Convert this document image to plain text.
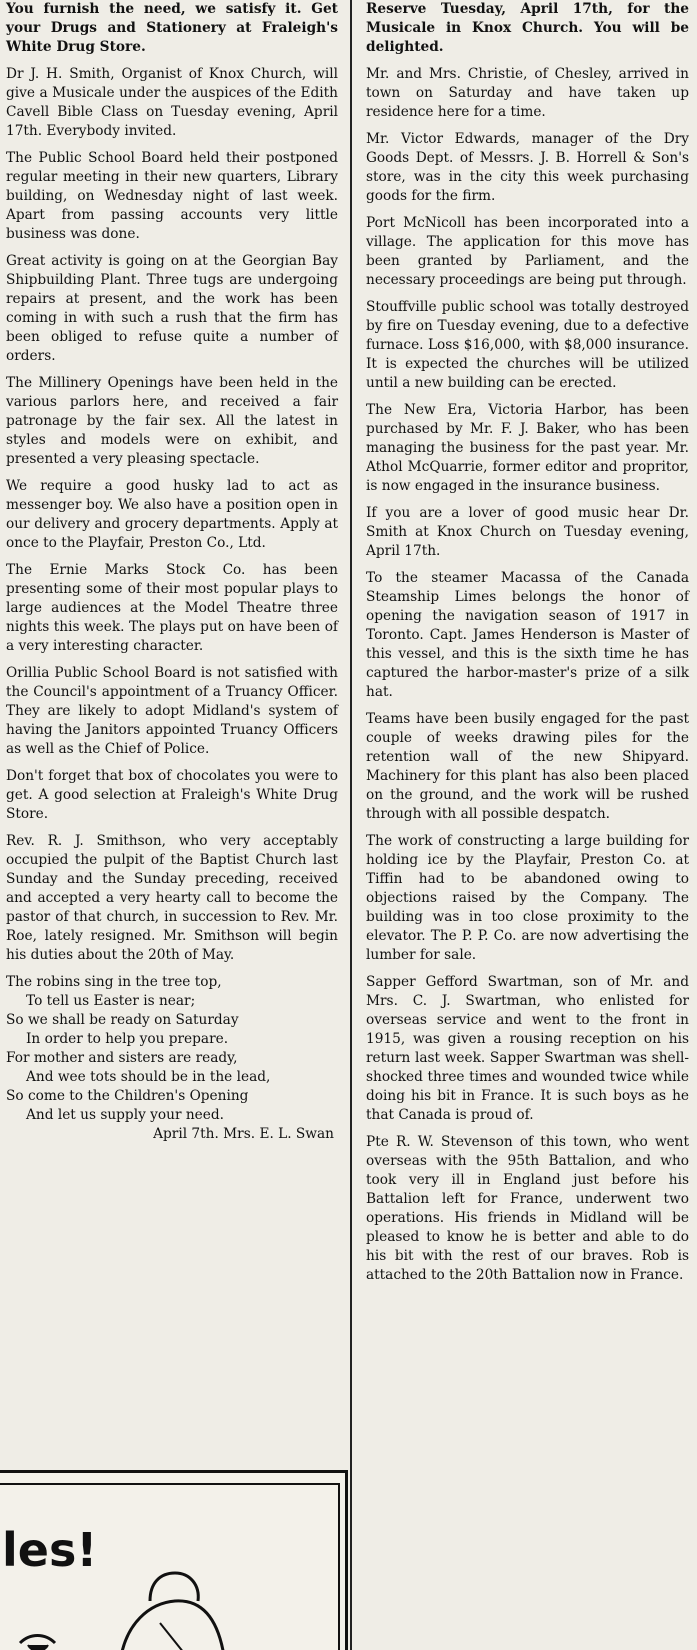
You furnish the need, we satisfy it. Get your Drugs and Stationery at Fraleigh's White Drug Store.

Dr J. H. Smith, Organist of Knox Church, will give a Musicale under the auspices of the Edith Cavell Bible Class on Tuesday evening, April 17th. Everybody invited.

The Public School Board held their postponed regular meeting in their new quarters, Library building, on Wednesday night of last week. Apart from passing accounts very little business was done.

Great activity is going on at the Georgian Bay Shipbuilding Plant. Three tugs are undergoing repairs at present, and the work has been coming in with such a rush that the firm has been obliged to refuse quite a number of orders.

The Millinery Openings have been held in the various parlors here, and received a fair patronage by the fair sex. All the latest in styles and models were on exhibit, and presented a very pleasing spectacle.

We require a good husky lad to act as messenger boy. We also have a position open in our delivery and grocery departments. Apply at once to the Playfair, Preston Co., Ltd.

The Ernie Marks Stock Co. has been presenting some of their most popular plays to large audiences at the Model Theatre three nights this week. The plays put on have been of a very interesting character.

Orillia Public School Board is not satisfied with the Council's appointment of a Truancy Officer. They are likely to adopt Midland's system of having the Janitors appointed Truancy Officers as well as the Chief of Police.

Don't forget that box of chocolates you were to get. A good selection at Fraleigh's White Drug Store.

Rev. R. J. Smithson, who very acceptably occupied the pulpit of the Baptist Church last Sunday and the Sunday preceding, received and accepted a very hearty call to become the pastor of that church, in succession to Rev. Mr. Roe, lately resigned. Mr. Smithson will begin his duties about the 20th of May.

The robins sing in the tree top,
To tell us Easter is near;
So we shall be ready on Saturday
In order to help you prepare.
For mother and sisters are ready,
And wee tots should be in the lead,
So come to the Children's Opening
And let us supply your need.
April 7th. Mrs. E. L. Swan

Reserve Tuesday, April 17th, for the Musicale in Knox Church. You will be delighted.

Mr. and Mrs. Christie, of Chesley, arrived in town on Saturday and have taken up residence here for a time.

Mr. Victor Edwards, manager of the Dry Goods Dept. of Messrs. J. B. Horrell & Son's store, was in the city this week purchasing goods for the firm.

Port McNicoll has been incorporated into a village. The application for this move has been granted by Parliament, and the necessary proceedings are being put through.

Stouffville public school was totally destroyed by fire on Tuesday evening, due to a defective furnace. Loss $16,000, with $8,000 insurance. It is expected the churches will be utilized until a new building can be erected.

The New Era, Victoria Harbor, has been purchased by Mr. F. J. Baker, who has been managing the business for the past year. Mr. Athol McQuarrie, former editor and propritor, is now engaged in the insurance business.

If you are a lover of good music hear Dr. Smith at Knox Church on Tuesday evening, April 17th.

To the steamer Macassa of the Canada Steamship Limes belongs the honor of opening the navigation season of 1917 in Toronto. Capt. James Henderson is Master of this vessel, and this is the sixth time he has captured the harbor-master's prize of a silk hat.

Teams have been busily engaged for the past couple of weeks drawing piles for the retention wall of the new Shipyard. Machinery for this plant has also been placed on the ground, and the work will be rushed through with all possible despatch.

The work of constructing a large building for holding ice by the Playfair, Preston Co. at Tiffin had to be abandoned owing to objections raised by the Company. The building was in too close proximity to the elevator. The P. P. Co. are now advertising the lumber for sale.

Sapper Gefford Swartman, son of Mr. and Mrs. C. J. Swartman, who enlisted for overseas service and went to the front in 1915, was given a rousing reception on his return last week. Sapper Swartman was shell-shocked three times and wounded twice while doing his bit in France. It is such boys as he that Canada is proud of.

Pte R. W. Stevenson of this town, who went overseas with the 95th Battalion, and who took very ill in England just before his Battalion left for France, underwent two operations. His friends in Midland will be pleased to know he is better and able to do his bit with the rest of our braves. Rob is attached to the 20th Battalion now in France.

les!
